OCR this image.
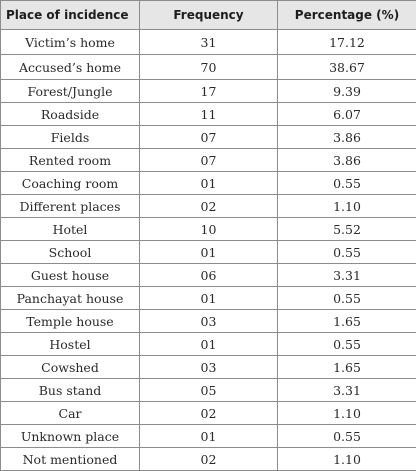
Place of incidence	Frequency	Percentage (%)
Victim’s home	31	17.12
Accused’s home	70	38.67
Forest/Jungle	17	9.39
Roadside	11	6.07
Fields	07	3.86
Rented room	07	3.86
Coaching room	01	0.55
Different places	02	1.10
Hotel	10	5.52
School	01	0.55
Guest house	06	3.31
Panchayat house	01	0.55
Temple house	03	1.65
Hostel	01	0.55
Cowshed	03	1.65
Bus stand	05	3.31
Car	02	1.10
Unknown place	01	0.55
Not mentioned	02	1.10
